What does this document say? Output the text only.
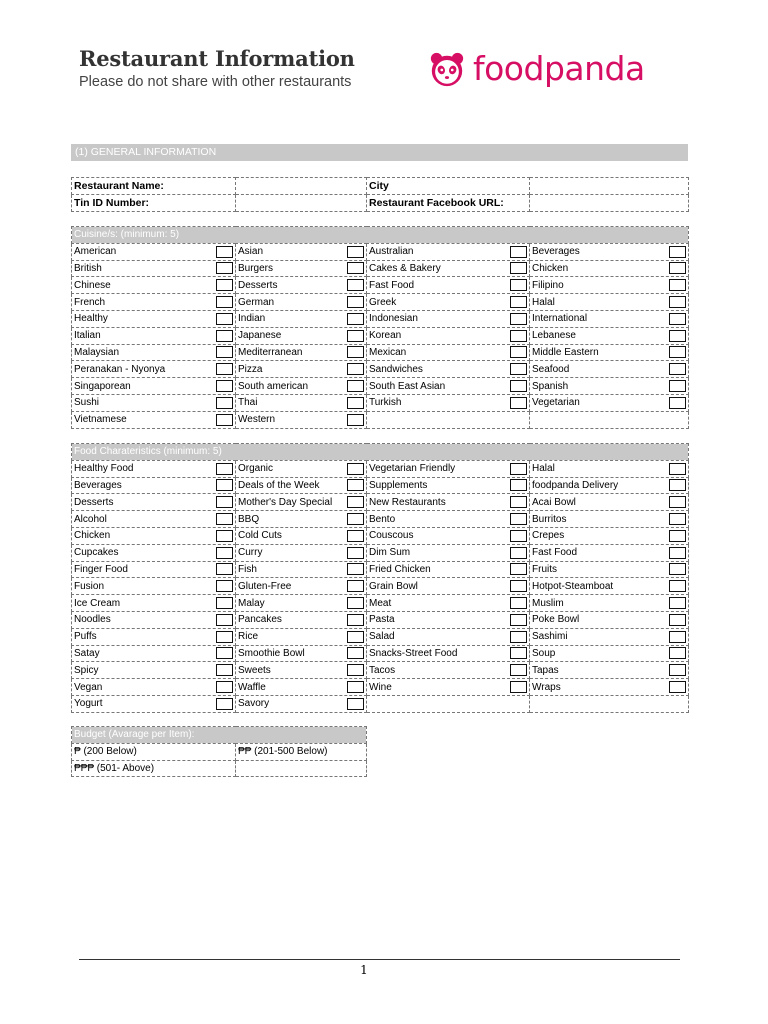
Restaurant Information
Please do not share with other restaurants	foodpanda
(1) GENERAL INFORMATION
Restaurant Name:		City	
Tin ID Number:		Restaurant Facebook URL:	
Cuisine/s: (minimum: 5)			

American	Asian	Australian	Beverages

British	Burgers	Cakes & Bakery	Chicken

Chinese	Desserts	Fast Food	Filipino

French	German	Greek	Halal

Healthy	Indian	Indonesian	International

Italian	Japanese	Korean	Lebanese

Malaysian	Mediterranean	Mexican	Middle Eastern

Peranakan - Nyonya	Pizza	Sandwiches	Seafood

Singaporean	South american	South East Asian	Spanish

Sushi	Thai	Turkish	Vegetarian

Vietnamese	Western		

Food Charateristics (minimum: 5)			

Healthy Food	Organic	Vegetarian Friendly	Halal

Beverages	Deals of the Week	Supplements	foodpanda Delivery

Desserts	Mother's Day Special	New Restaurants	Acai Bowl

Alcohol	BBQ	Bento	Burritos

Chicken	Cold Cuts	Couscous	Crepes

Cupcakes	Curry	Dim Sum	Fast Food

Finger Food	Fish	Fried Chicken	Fruits

Fusion	Gluten-Free	Grain Bowl	Hotpot-Steamboat

Ice Cream	Malay	Meat	Muslim

Noodles	Pancakes	Pasta	Poke Bowl

Puffs	Rice	Salad	Sashimi

Satay	Smoothie Bowl	Snacks-Street Food	Soup

Spicy	Sweets	Tacos	Tapas

Vegan	Waffle	Wine	Wraps

Yogurt	Savory		

Budget (Avarage per Item):	
₱ (200 Below)	₱₱ (201-500 Below)
₱₱₱ (501- Above)	
1
